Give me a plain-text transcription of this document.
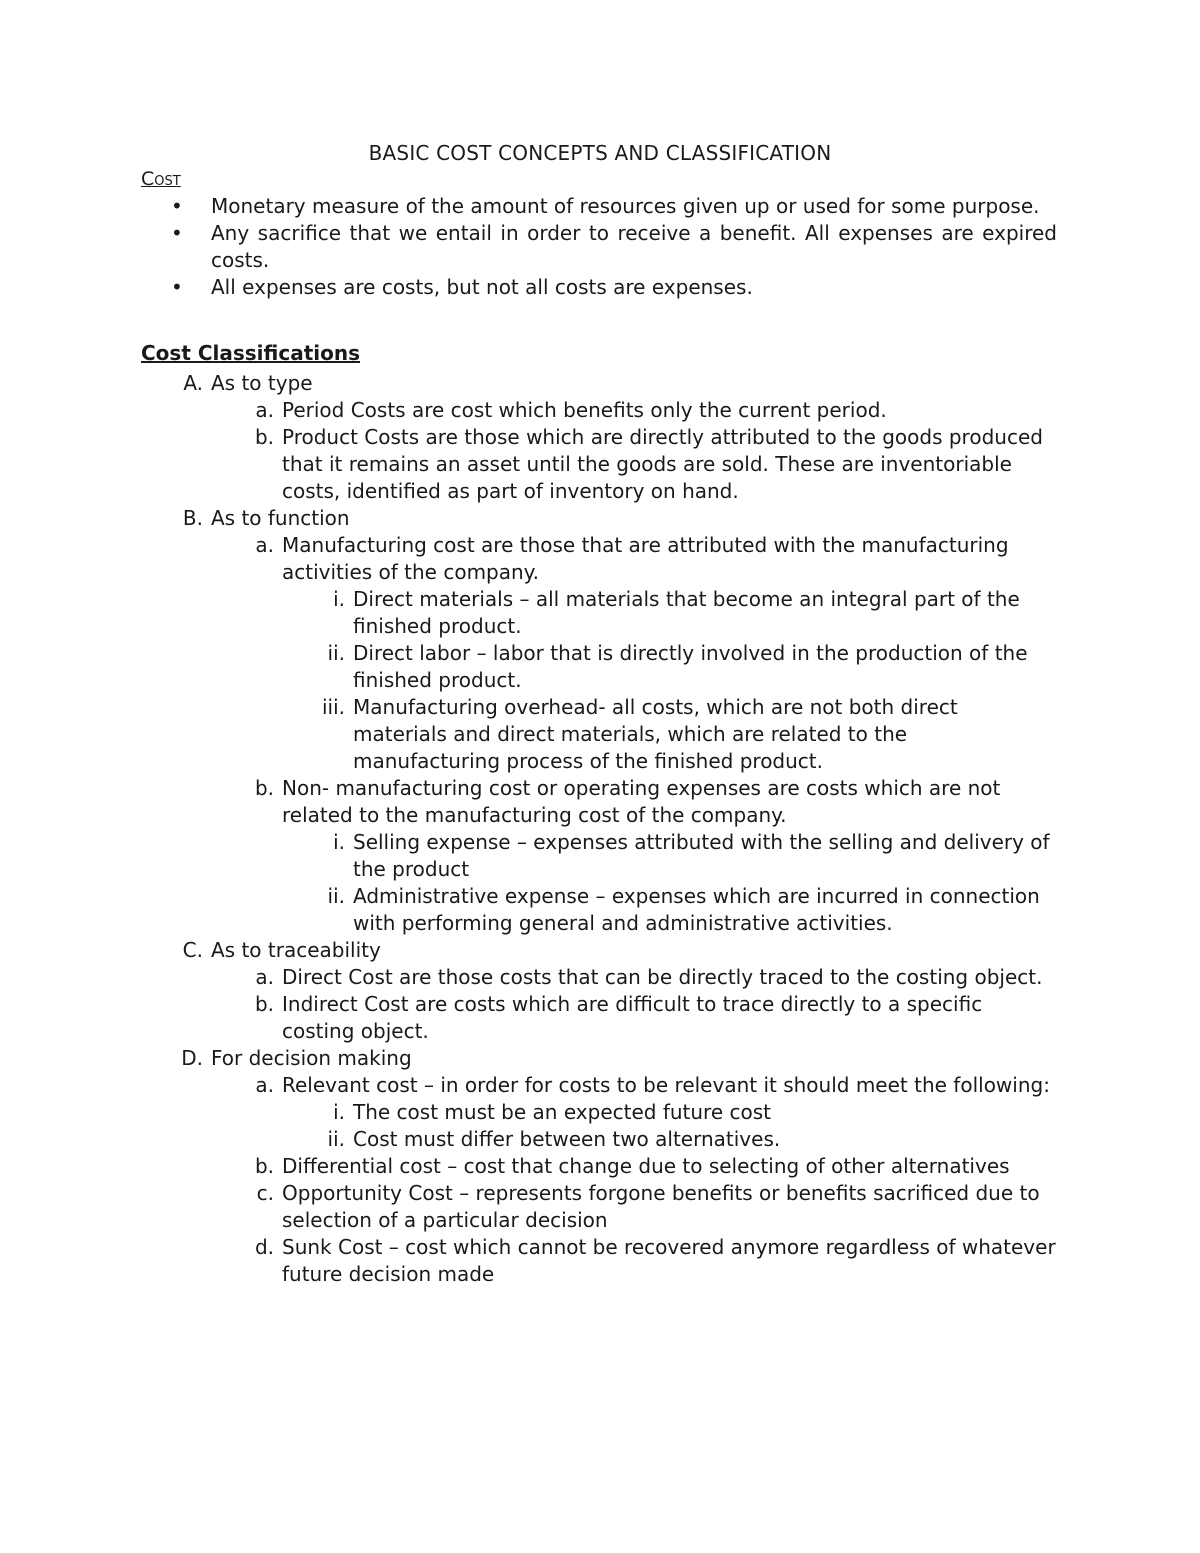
BASIC COST CONCEPTS AND CLASSIFICATION
Cost
•	Monetary measure of the amount of resources given up or used for some purpose.
•	Any sacrifice that we entail in order to receive a benefit. All expenses are expired costs.
•	All expenses are costs, but not all costs are expenses.
Cost Classifications
A. As to type
a. Period Costs are cost which benefits only the current period.
b. Product Costs are those which are directly attributed to the goods produced that it remains an asset until the goods are sold. These are inventoriable costs, identified as part of inventory on hand.
B. As to function
a. Manufacturing cost are those that are attributed with the manufacturing activities of the company.
i. Direct materials – all materials that become an integral part of the finished product.
ii. Direct labor – labor that is directly involved in the production of the finished product.
iii. Manufacturing overhead- all costs, which are not both direct materials and direct materials, which are related to the manufacturing process of the finished product.
b. Non- manufacturing cost or operating expenses are costs which are not related to the manufacturing cost of the company.
i. Selling expense – expenses attributed with the selling and delivery of the product
ii. Administrative expense – expenses which are incurred in connection with performing general and administrative activities.
C. As to traceability
a. Direct Cost are those costs that can be directly traced to the costing object.
b. Indirect Cost are costs which are difficult to trace directly to a specific costing object.
D. For decision making
a. Relevant cost – in order for costs to be relevant it should meet the following:
i. The cost must be an expected future cost
ii. Cost must differ between two alternatives.
b. Differential cost – cost that change due to selecting of other alternatives
c. Opportunity Cost – represents forgone benefits or benefits sacrificed due to selection of a particular decision
d. Sunk Cost – cost which cannot be recovered anymore regardless of whatever future decision made
